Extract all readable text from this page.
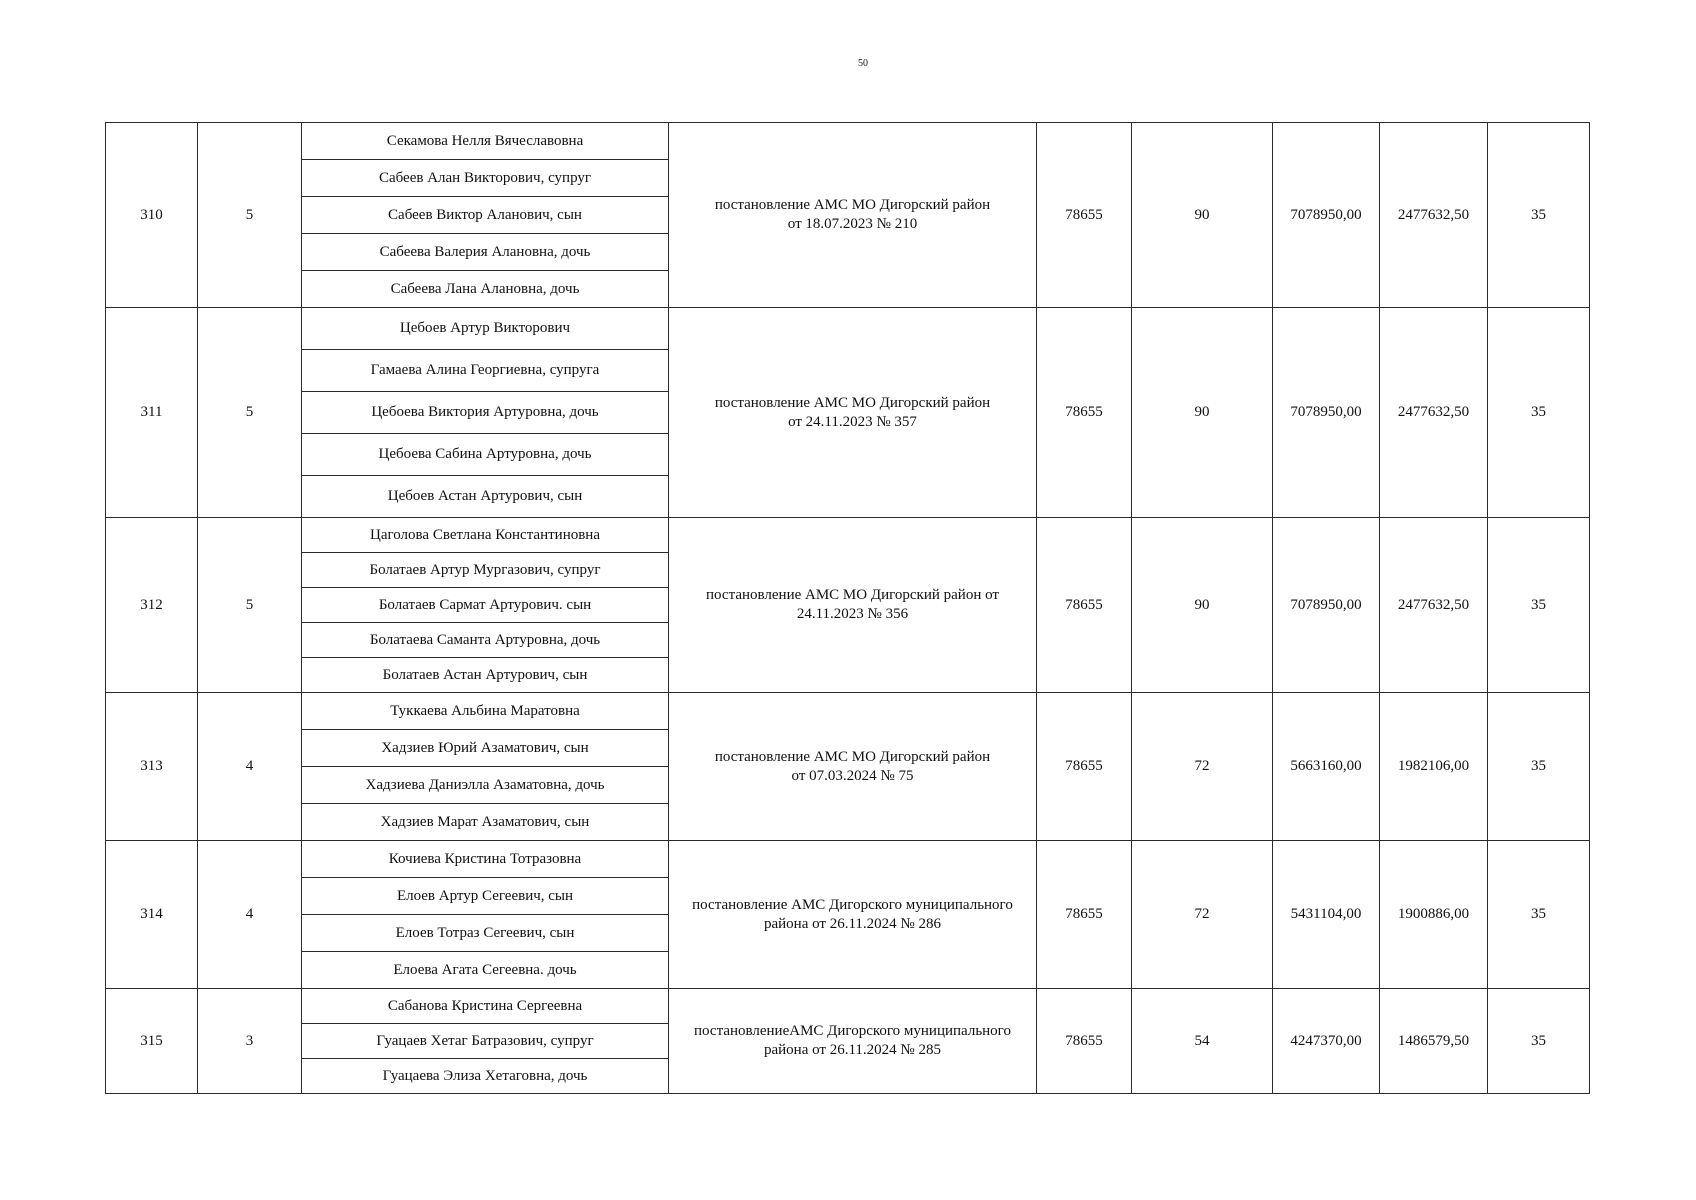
50
310	5	Секамова Нелля Вячеславовна	постановление АМС МО Дигорский район
от 18.07.2023 № 210	78655	90	7078950,00	2477632,50	35
		Сабеев Алан Викторович, супруг						
		Сабеев Виктор Аланович, сын						
		Сабеева Валерия Алановна, дочь						
		Сабеева Лана Алановна, дочь						
311	5	Цебоев Артур Викторович	постановление АМС МО Дигорский район
от 24.11.2023 № 357	78655	90	7078950,00	2477632,50	35
		Гамаева Алина Георгиевна, супруга						
		Цебоева Виктория Артуровна, дочь						
		Цебоева Сабина Артуровна, дочь						
		Цебоев Астан Артурович, сын						
312	5	Цаголова Светлана Константиновна	постановление АМС МО Дигорский район от
24.11.2023 № 356	78655	90	7078950,00	2477632,50	35
		Болатаев Артур Мургазович, супруг						
		Болатаев Сармат Артурович. сын						
		Болатаева Саманта Артуровна, дочь						
		Болатаев Астан Артурович, сын						
313	4	Туккаева Альбина Маратовна	постановление АМС МО Дигорский район
от 07.03.2024 № 75	78655	72	5663160,00	1982106,00	35
		Хадзиев Юрий Азаматович, сын						
		Хадзиева Даниэлла Азаматовна, дочь						
		Хадзиев Марат Азаматович, сын						
314	4	Кочиева Кристина Тотразовна	постановление АМС Дигорского муниципального
района от 26.11.2024 № 286	78655	72	5431104,00	1900886,00	35
		Елоев Артур Сегеевич, сын						
		Елоев Тотраз Сегеевич, сын						
		Елоева Агата Сегеевна. дочь						
315	3	Сабанова Кристина Сергеевна	постановлениеАМС Дигорского муниципального
района от 26.11.2024 № 285	78655	54	4247370,00	1486579,50	35
		Гуацаев Хетаг Батразович, супруг						
		Гуацаева Элиза Хетаговна, дочь						
